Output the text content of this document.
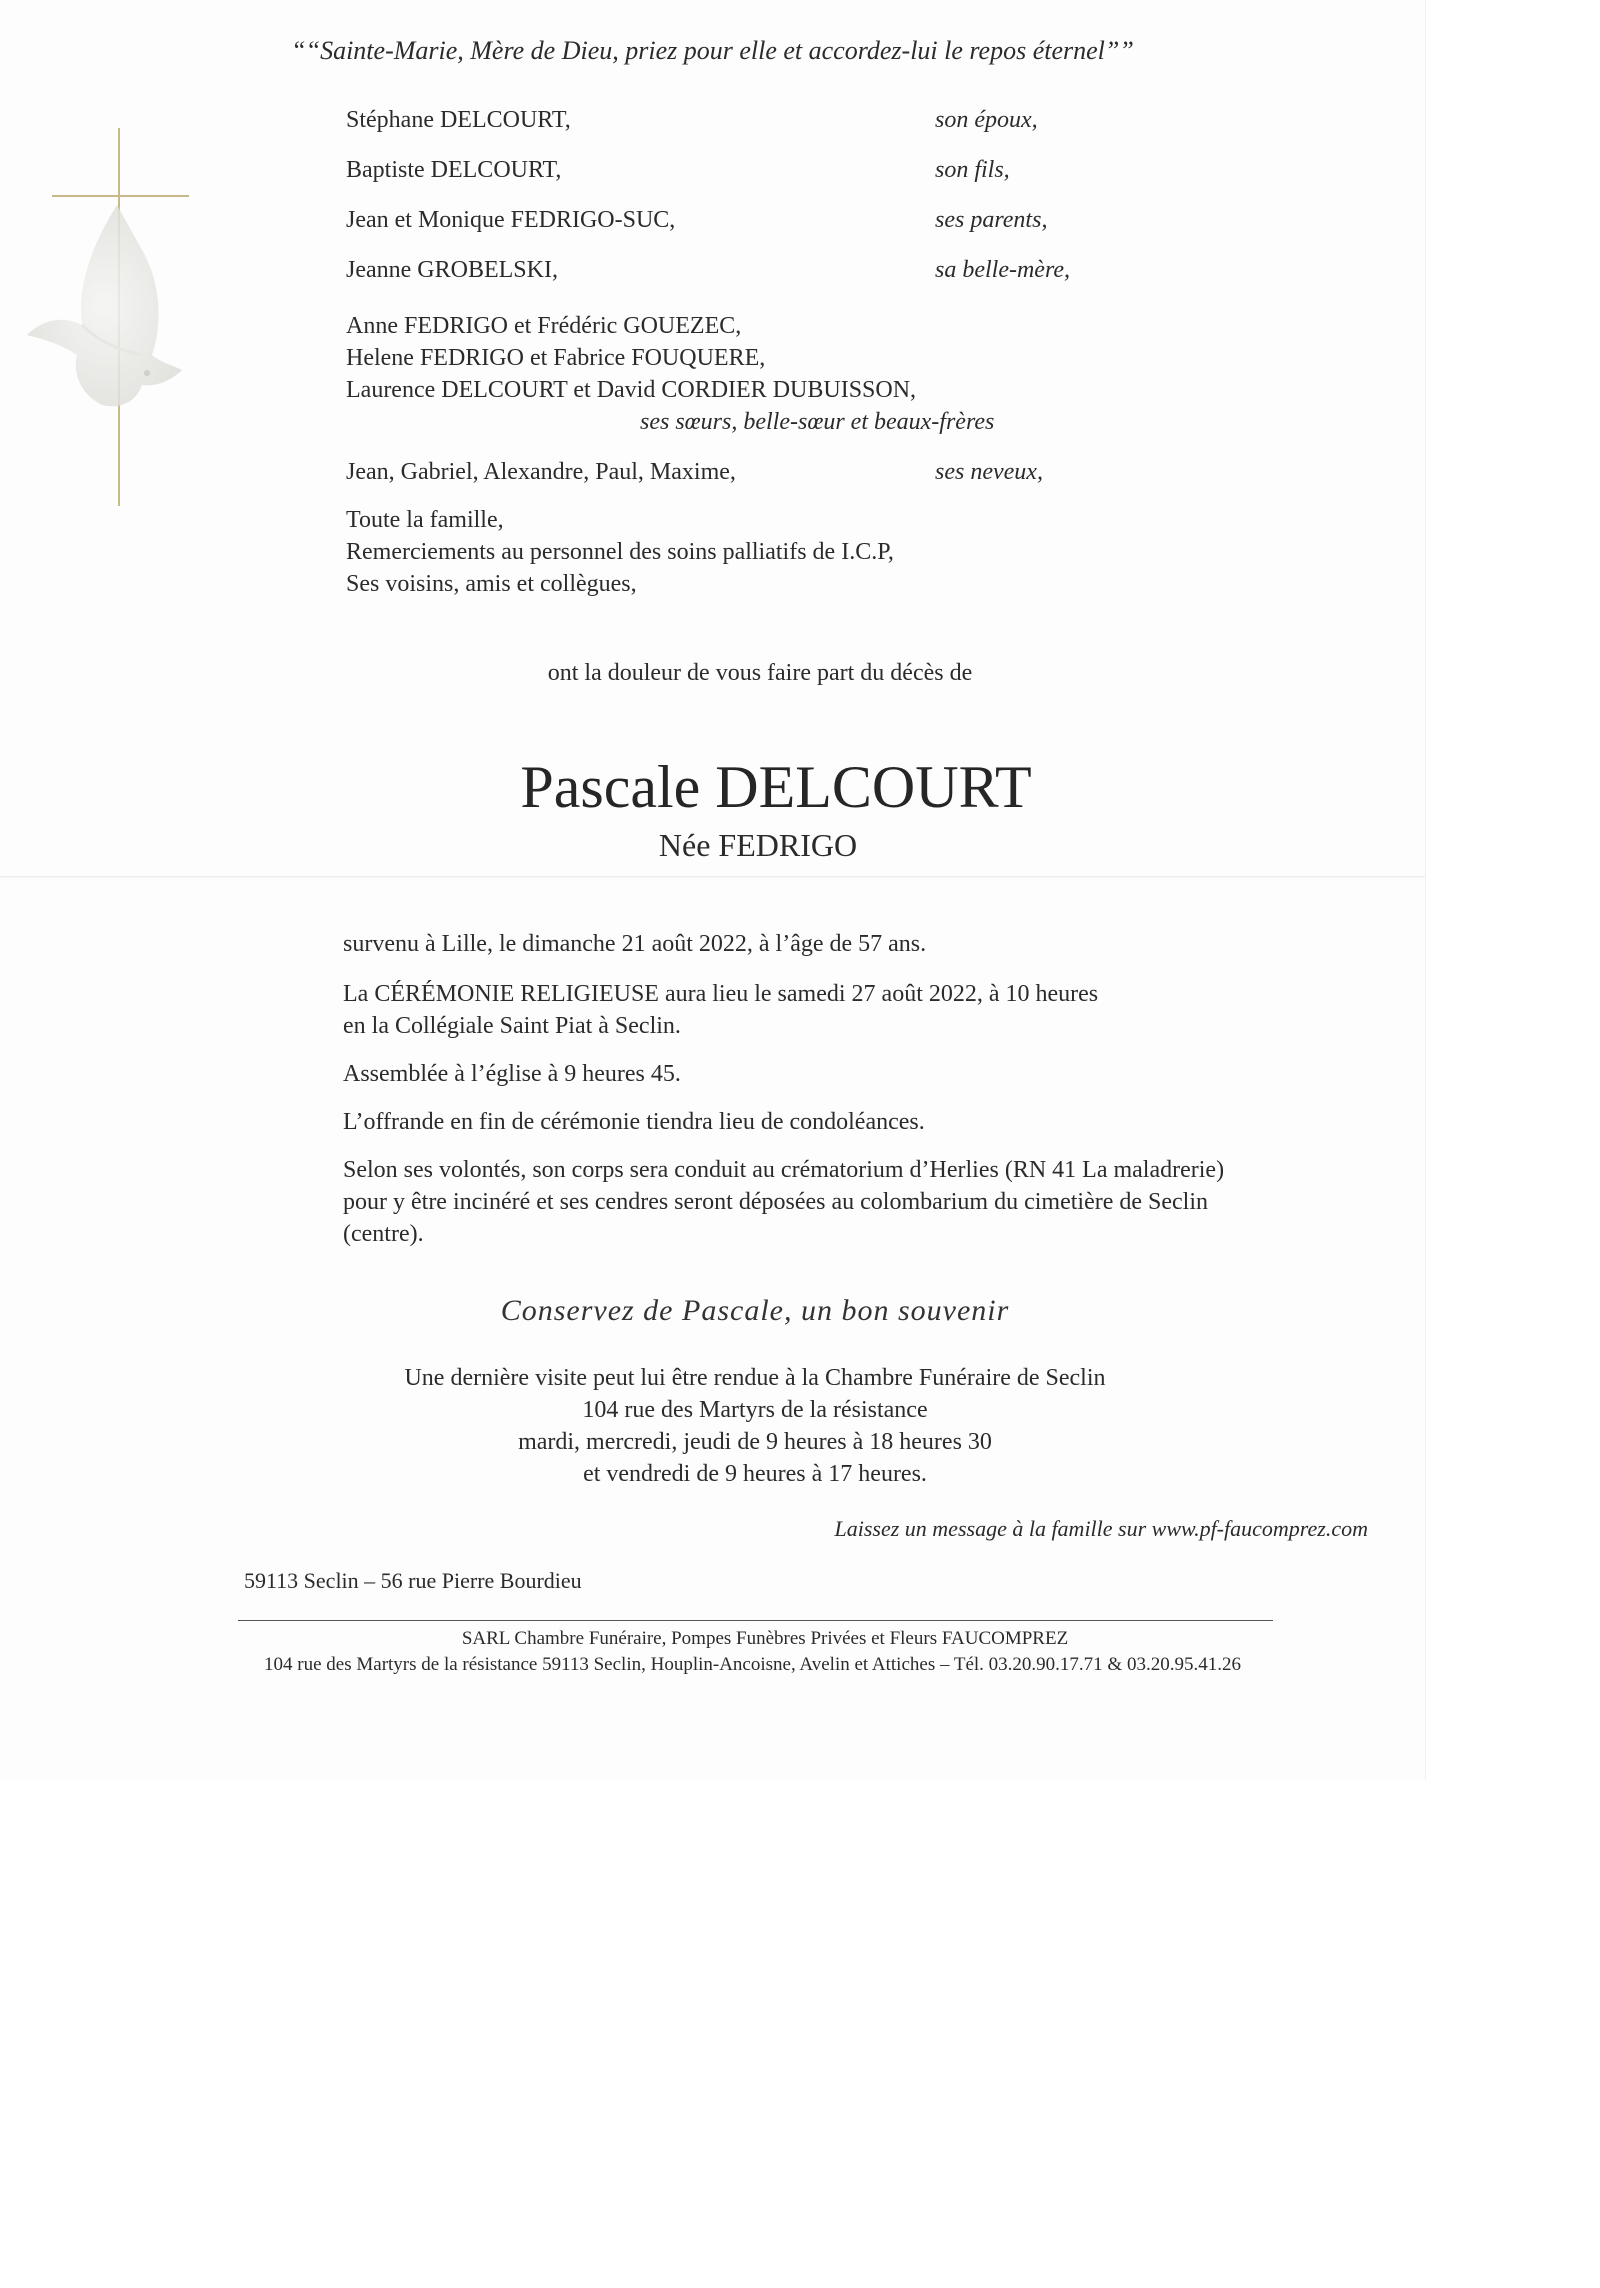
““Sainte-Marie, Mère de Dieu, priez pour elle et accordez-lui le repos éternel””
Stéphane DELCOURT,
Baptiste DELCOURT,
Jean et Monique FEDRIGO-SUC,
Jeanne GROBELSKI,
son époux,
son fils,
ses parents,
sa belle-mère,
Anne FEDRIGO et Frédéric GOUEZEC,
Helene FEDRIGO et Fabrice FOUQUERE,
Laurence DELCOURT et David CORDIER DUBUISSON,
ses sœurs, belle-sœur et beaux-frères
Jean, Gabriel, Alexandre, Paul, Maxime,	ses neveux,
Toute la famille,
Remerciements au personnel des soins palliatifs de I.C.P,
Ses voisins, amis et collègues,
ont la douleur de vous faire part du décès de
Pascale DELCOURT
Née FEDRIGO
survenu à Lille, le dimanche 21 août 2022, à l’âge de 57 ans.
La CÉRÉMONIE RELIGIEUSE aura lieu le samedi 27 août 2022, à 10 heures
en la Collégiale Saint Piat à Seclin.
Assemblée à l’église à 9 heures 45.
L’offrande en fin de cérémonie tiendra lieu de condoléances.
Selon ses volontés, son corps sera conduit au crématorium d’Herlies (RN 41 La maladrerie)
pour y être incinéré et ses cendres seront déposées au colombarium du cimetière de Seclin
(centre).
Conservez de Pascale, un bon souvenir
Une dernière visite peut lui être rendue à la Chambre Funéraire de Seclin
104 rue des Martyrs de la résistance
mardi, mercredi, jeudi de 9 heures à 18 heures 30
et vendredi de 9 heures à 17 heures.
Laissez un message à la famille sur www.pf-faucomprez.com
59113 Seclin – 56 rue Pierre Bourdieu
SARL Chambre Funéraire, Pompes Funèbres Privées et Fleurs FAUCOMPREZ
104 rue des Martyrs de la résistance 59113 Seclin, Houplin-Ancoisne, Avelin et Attiches – Tél. 03.20.90.17.71 & 03.20.95.41.26
